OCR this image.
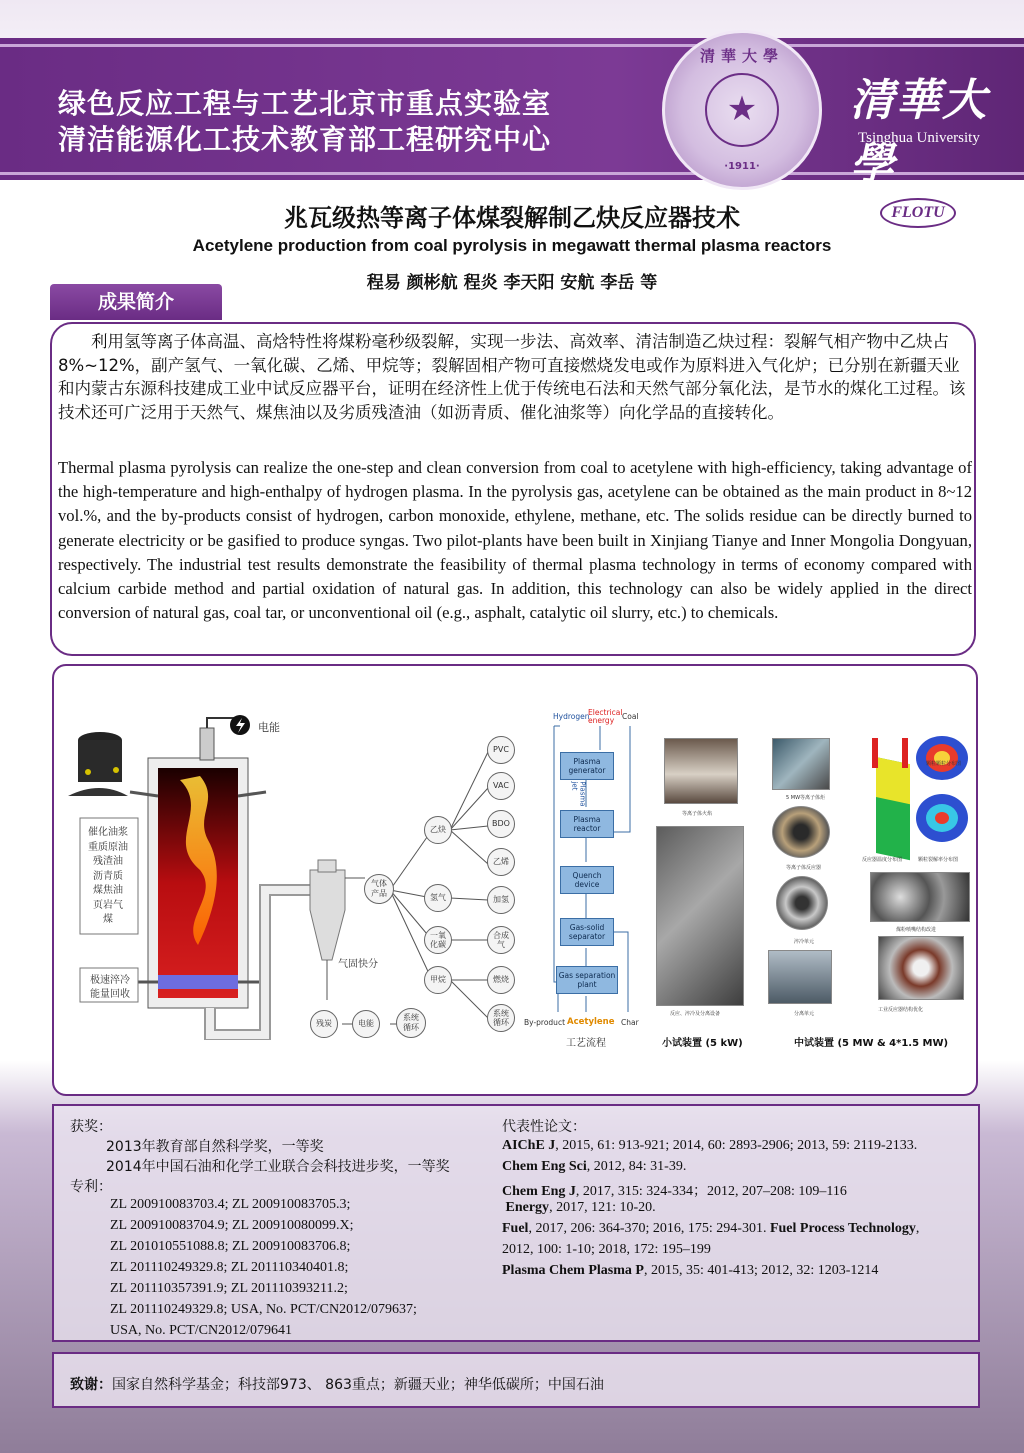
绿色反应工程与工艺北京市重点实验室
清洁能源化工技术教育部工程研究中心
清華大學
★
·1911·
清華大學
Tsinghua University
兆瓦级热等离子体煤裂解制乙炔反应器技术	FLOTU
Acetylene production from coal pyrolysis in megawatt thermal plasma reactors
程易 颜彬航 程炎 李天阳 安航 李岳 等
成果简介
利用氢等离子体高温、高焓特性将煤粉毫秒级裂解，实现一步法、高效率、清洁制造乙炔过程：裂解气相产物中乙炔占8%~12%，副产氢气、一氧化碳、乙烯、甲烷等；裂解固相产物可直接燃烧发电或作为原料进入气化炉；已分别在新疆天业和内蒙古东源科技建成工业中试反应器平台，证明在经济性上优于传统电石法和天然气部分氧化法，是节水的煤化工过程。该技术还可广泛用于天然气、煤焦油以及劣质残渣油（如沥青质、催化油浆等）向化学品的直接转化。
Thermal plasma pyrolysis can realize the one-step and clean conversion from coal to acetylene with high-efficiency, taking advantage of the high-temperature and high-enthalpy of hydrogen plasma. In the pyrolysis gas, acetylene can be obtained as the main product in 8~12 vol.%, and the by-products consist of hydrogen, carbon monoxide, ethylene, methane, etc. The solids residue can be directly burned to generate electricity or be gasified to produce syngas. Two pilot-plants have been built in Xinjiang Tianye and Inner Mongolia Dongyuan, respectively. The industrial test results demonstrate the feasibility of thermal plasma technology in terms of economy compared with calcium carbide method and partial oxidation of natural gas. In addition, this technology can also be widely applied in the direct conversion of natural gas, coal tar, or unconventional oil (e.g., asphalt, catalytic oil slurry, etc.) to chemicals.
电能
催化油浆
重质原油
残渣油
沥青质
煤焦油
页岩气
煤
极速淬冷
能量回收
气体
产品
气固快分
残炭	电能
系统
循环
乙炔
氢气
一氧
化碳
甲烷
PVC
VAC
BDO
乙烯
加氢
合成
气
燃烧
系统
循环
Hydrogen
Electrical
energy	Coal
Plasma
jet
Plasma
generator
Plasma
reactor
Quench
device
Gas-solid
separator
Gas separation
plant
By-product Acetylene Char
工艺流程
等离子体火焰
反应、淬冷及分离设备
小试装置 (5 kW)
5 MW等离子体炬
等离子体反应器
淬冷单元
分离单元
颗粒颗粒分布图
反应器温度分布图	颗粒裂解率分布图
煤粉喷嘴结构改进
工业反应器结构优化
中试装置 (5 MW & 4*1.5 MW)
获奖：
2013年教育部自然科学奖，一等奖
2014年中国石油和化学工业联合会科技进步奖，一等奖
专利：
ZL 200910083703.4; ZL 200910083705.3;
ZL 200910083704.9; ZL 200910080099.X;
ZL 201010551088.8; ZL 200910083706.8;
ZL 201110249329.8; ZL 201110340401.8;
ZL 201110357391.9; ZL 201110393211.2;
ZL 201110249329.8; USA, No. PCT/CN2012/079637;
USA, No. PCT/CN2012/079641
代表性论文：
AIChE J, 2015, 61: 913-921; 2014, 60: 2893-2906; 2013, 59: 2119-2133.
Chem Eng Sci, 2012, 84: 31-39.
Chem Eng J, 2017, 315: 324-334；2012, 207–208: 109–116
Energy, 2017, 121: 10-20.
Fuel, 2017, 206: 364-370; 2016, 175: 294-301. Fuel Process Technology,
2012, 100: 1-10; 2018, 172: 195–199
Plasma Chem Plasma P, 2015, 35: 401-413; 2012, 32: 1203-1214
致谢：国家自然科学基金；科技部973、 863重点；新疆天业；神华低碳所；中国石油
